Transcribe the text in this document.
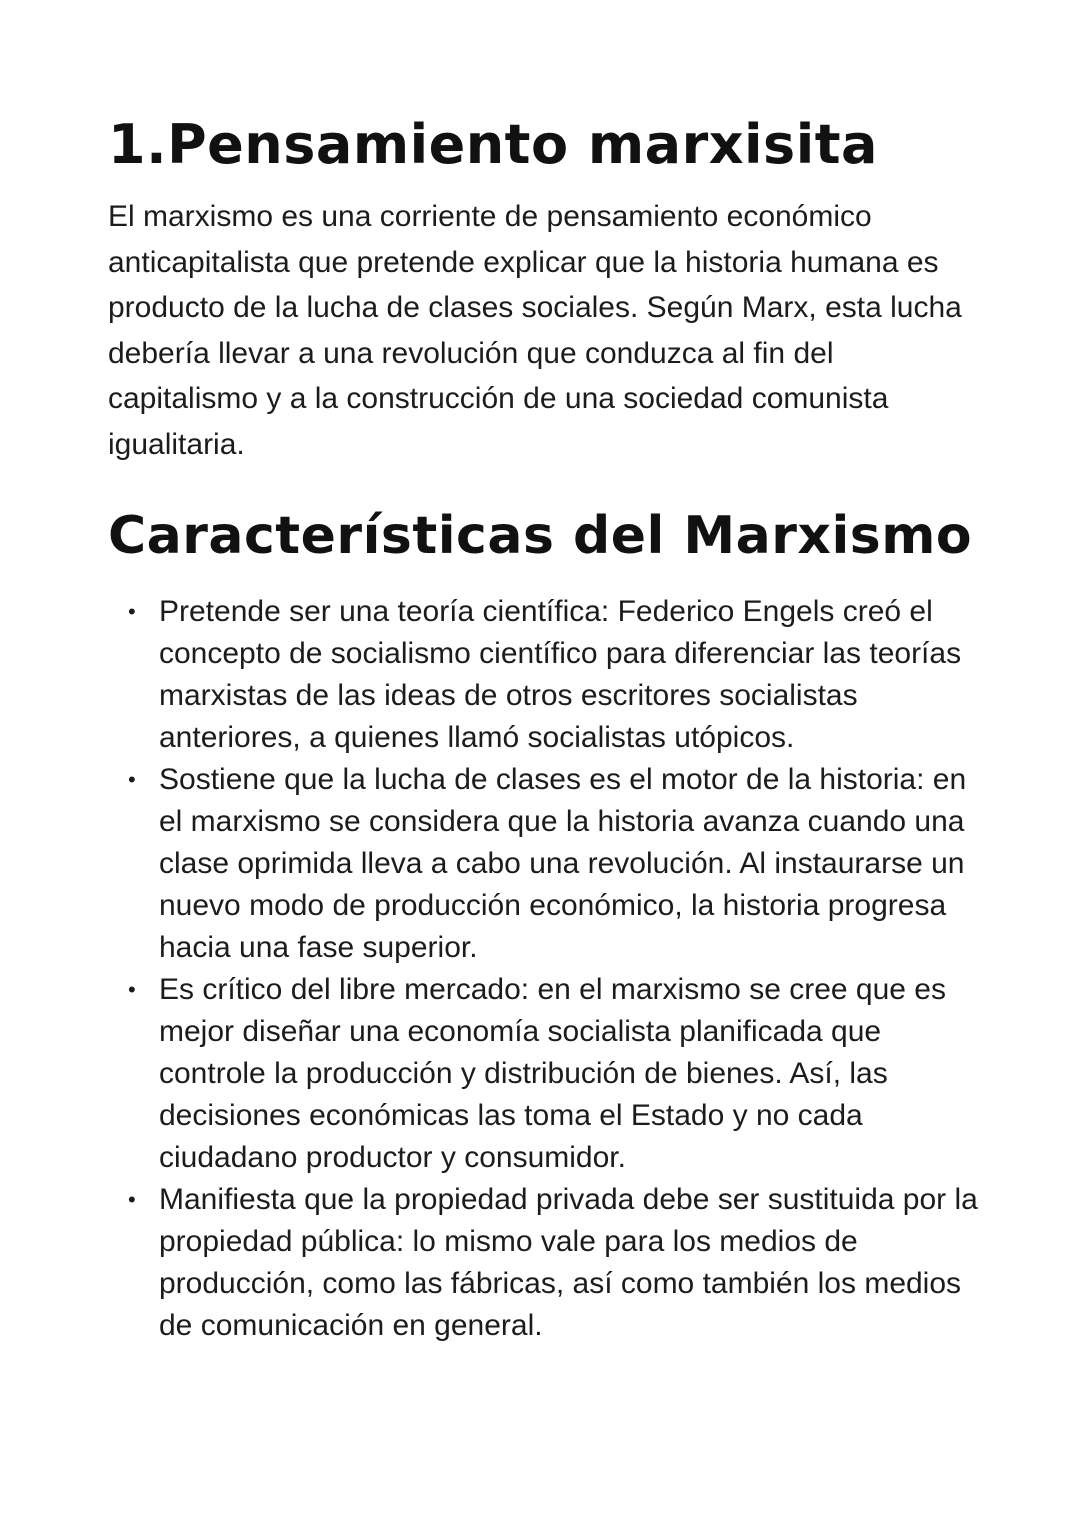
1.Pensamiento marxisita

El marxismo es una corriente de pensamiento económico anticapitalista que pretende explicar que la historia humana es producto de la lucha de clases sociales. Según Marx, esta lucha debería llevar a una revolución que conduzca al fin del capitalismo y a la construcción de una sociedad comunista igualitaria.

Características del Marxismo
• Pretende ser una teoría científica: Federico Engels creó el concepto de socialismo científico para diferenciar las teorías marxistas de las ideas de otros escritores socialistas anteriores, a quienes llamó socialistas utópicos.
• Sostiene que la lucha de clases es el motor de la historia: en el marxismo se considera que la historia avanza cuando una clase oprimida lleva a cabo una revolución. Al instaurarse un nuevo modo de producción económico, la historia progresa hacia una fase superior.
• Es crítico del libre mercado: en el marxismo se cree que es mejor diseñar una economía socialista planificada que controle la producción y distribución de bienes. Así, las decisiones económicas las toma el Estado y no cada ciudadano productor y consumidor.
• Manifiesta que la propiedad privada debe ser sustituida por la propiedad pública: lo mismo vale para los medios de producción, como las fábricas, así como también los medios de comunicación en general.
